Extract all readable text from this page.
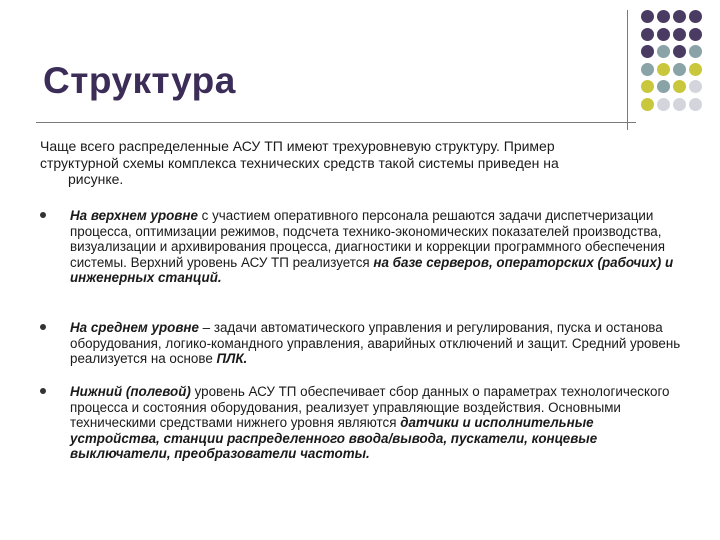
Структура
Чаще всего распределенные АСУ ТП имеют трехуровневую структуру. Пример
структурной схемы комплекса технических средств такой системы приведен на

рисунке.
На верхнем уровне с участием оперативного персонала решаются задачи диспетчеризации процесса, оптимизации режимов, подсчета технико-экономических показателей производства, визуализации и архивирования процесса, диагностики и коррекции программного обеспечения системы. Верхний уровень АСУ ТП реализуется на базе серверов, операторских (рабочих) и инженерных станций.
На среднем уровне – задачи автоматического управления и регулирования, пуска и останова оборудования, логико-командного управления, аварийных отключений и защит. Средний уровень реализуется на основе ПЛК.
Нижний (полевой) уровень АСУ ТП обеспечивает сбор данных о параметрах технологического процесса и состояния оборудования, реализует управляющие воздействия. Основными техническими средствами нижнего уровня являются датчики и исполнительные устройства, станции распределенного ввода/вывода, пускатели, концевые выключатели, преобразователи частоты.
